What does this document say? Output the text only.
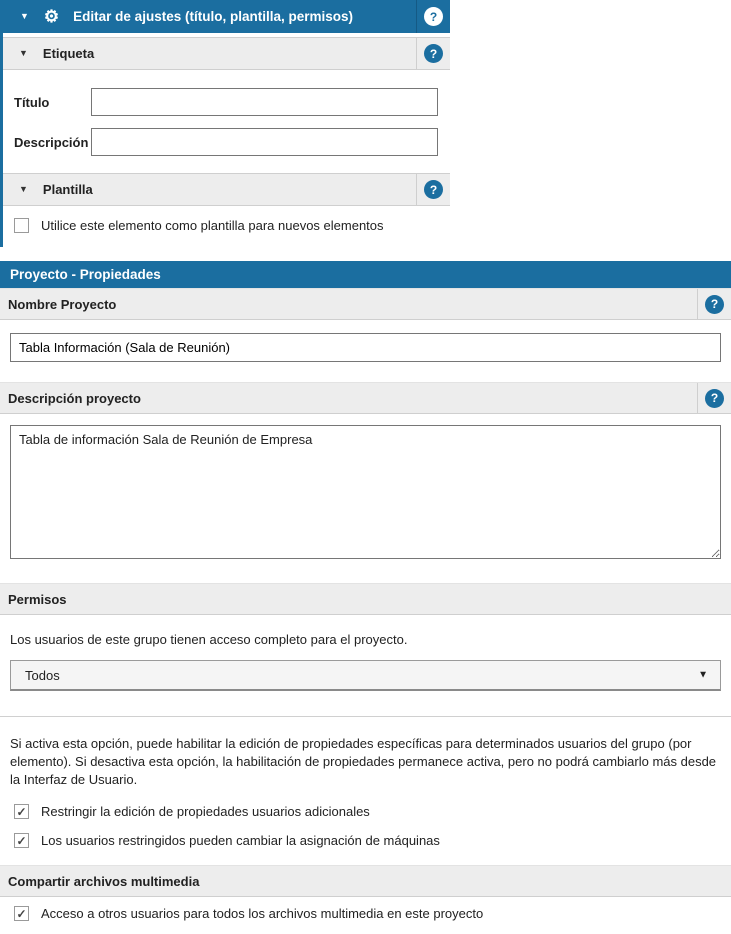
▼ ⚙ Editar de ajustes (título, plantilla, permisos)	?
▼ Etiqueta	?
Título
Descripción
▼ Plantilla	?
Utilice este elemento como plantilla para nuevos elementos
Proyecto - Propiedades
Nombre Proyecto	?
Tabla Información (Sala de Reunión)
Descripción proyecto	?
Tabla de información Sala de Reunión de Empresa
Permisos
Los usuarios de este grupo tienen acceso completo para el proyecto.
Todos	▼
Si activa esta opción, puede habilitar la edición de propiedades específicas para determinados usuarios del grupo (por elemento). Si desactiva esta opción, la habilitación de propiedades permanece activa, pero no podrá cambiarlo más desde la Interfaz de Usuario.
✓ Restringir la edición de propiedades usuarios adicionales
✓ Los usuarios restringidos pueden cambiar la asignación de máquinas
Compartir archivos multimedia
✓ Acceso a otros usuarios para todos los archivos multimedia en este proyecto
